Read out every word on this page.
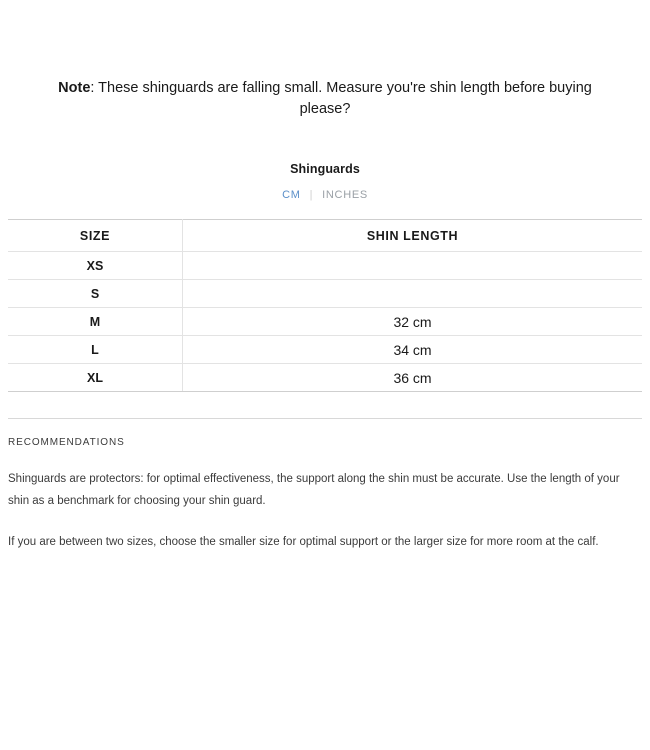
Note: These shinguards are falling small. Measure you're shin length before buying please?

Shinguards
CM | INCHES
SIZE	SHIN LENGTH
XS	
S	
M	32 cm
L	34 cm
XL	36 cm
RECOMMENDATIONS

Shinguards are protectors: for optimal effectiveness, the support along the shin must be accurate. Use the length of your shin as a benchmark for choosing your shin guard.

If you are between two sizes, choose the smaller size for optimal support or the larger size for more room at the calf.
